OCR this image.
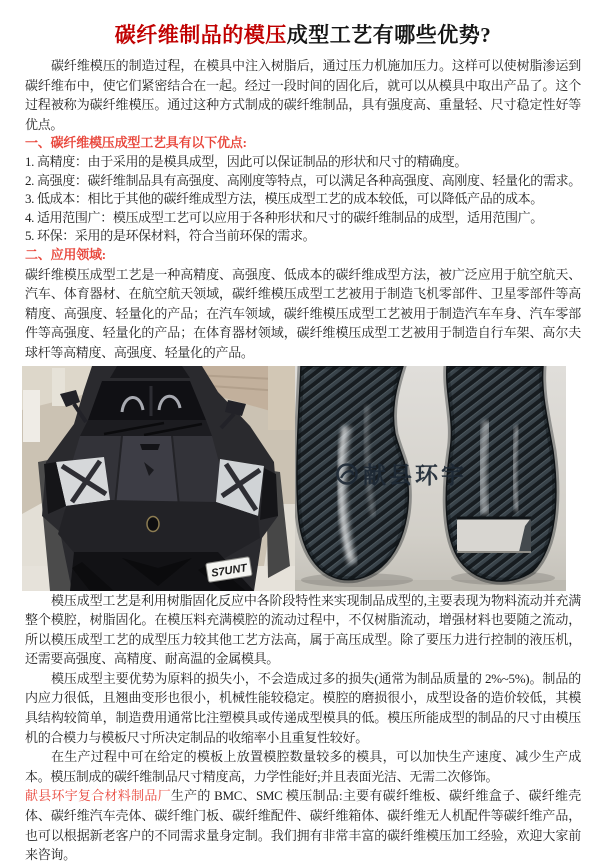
碳纤维制品的模压成型工艺有哪些优势?

碳纤维模压的制造过程，在模具中注入树脂后，通过压力机施加压力。这样可以使树脂渗运到碳纤维布中，使它们紧密结合在一起。经过一段时间的固化后，就可以从模具中取出产品了。这个过程被称为碳纤维模压。通过这种方式制成的碳纤维制品，具有强度高、重量轻、尺寸稳定性好等优点。

一、碳纤维模压成型工艺具有以下优点:

1. 高精度：由于采用的是模具成型，因此可以保证制品的形状和尺寸的精确度。

2. 高强度：碳纤维制品具有高强度、高刚度等特点，可以满足各种高强度、高刚度、轻量化的需求。

3. 低成本：相比于其他的碳纤维成型方法，模压成型工艺的成本较低，可以降低产品的成本。

4. 适用范围广：模压成型工艺可以应用于各种形状和尺寸的碳纤维制品的成型，适用范围广。

5. 环保：采用的是环保材料，符合当前环保的需求。

二、应用领域:

碳纤维模压成型工艺是一种高精度、高强度、低成本的碳纤维成型方法，被广泛应用于航空航天、汽车、体育器材、在航空航天领域，碳纤维模压成型工艺被用于制造飞机零部件、卫星零部件等高精度、高强度、轻量化的产品；在汽车领域，碳纤维模压成型工艺被用于制造汽车车身、汽车零部件等高强度、轻量化的产品；在体育器材领域，碳纤维模压成型工艺被用于制造自行车架、高尔夫球杆等高精度、高强度、轻量化的产品。

S7UNT
献县环宇

模压成型工艺是利用树脂固化反应中各阶段特性来实现制品成型的,主要表现为物料流动并充满整个模腔，树脂固化。在模压料充满模腔的流动过程中，不仅树脂流动，增强材料也要随之流动，所以模压成型工艺的成型压力较其他工艺方法高，属于高压成型。除了要压力进行控制的液压机，还需要高强度、高精度、耐高温的金属模具。

模压成型主要优势为原料的损失小，不会造成过多的损失(通常为制品质量的 2%~5%)。制品的内应力很低，且翘曲变形也很小，机械性能较稳定。模腔的磨损很小，成型设备的造价较低，其模具结构较简单，制造费用通常比注塑模具或传递成型模具的低。模压所能成型的制品的尺寸由模压机的合模力与模板尺寸所决定制品的收缩率小且重复性较好。

在生产过程中可在给定的模板上放置模腔数量较多的模具，可以加快生产速度、减少生产成本。模压制成的碳纤维制品尺寸精度高，力学性能好;并且表面光洁、无需二次修饰。

献县环宇复合材料制品厂生产的 BMC、SMC 模压制品:主要有碳纤维板、碳纤维盒子、碳纤维壳体、碳纤维汽车壳体、碳纤维门板、碳纤维配件、碳纤维箱体、碳纤维无人机配件等碳纤维产品，也可以根据新老客户的不同需求量身定制。我们拥有非常丰富的碳纤维模压加工经验，欢迎大家前来咨询。
